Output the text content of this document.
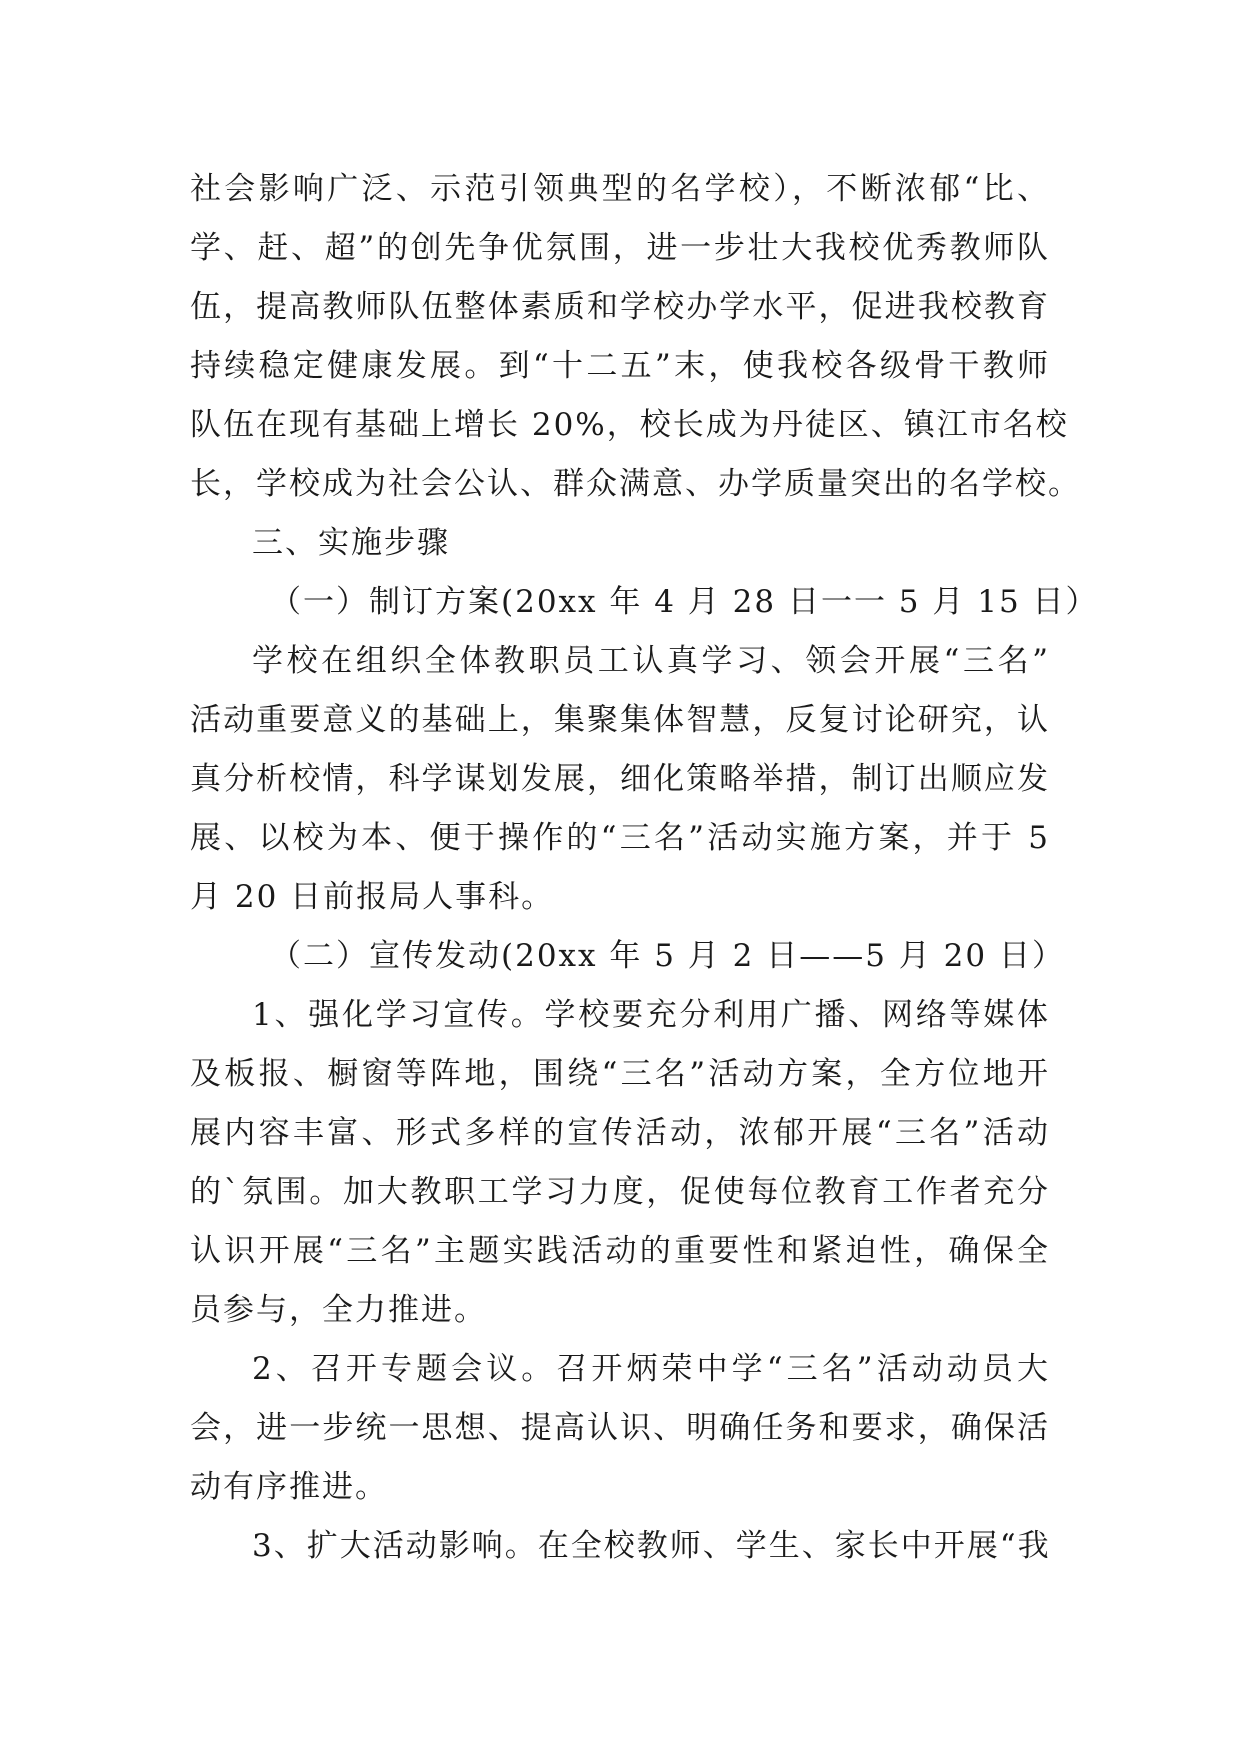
社会影响广泛、示范引领典型的名学校），不断浓郁“比、
学、赶、超”的创先争优氛围，进一步壮大我校优秀教师队
伍，提高教师队伍整体素质和学校办学水平，促进我校教育
持续稳定健康发展。到“十二五”末，使我校各级骨干教师
队伍在现有基础上增长 20%，校长成为丹徒区、镇江市名校
长，学校成为社会公认、群众满意、办学质量突出的名学校。
三、实施步骤
（一）制订方案(20xx 年 4 月 28 日一一 5 月 15 日）
学校在组织全体教职员工认真学习、领会开展“三名”
活动重要意义的基础上，集聚集体智慧，反复讨论研究，认
真分析校情，科学谋划发展，细化策略举措，制订出顺应发
展、以校为本、便于操作的“三名”活动实施方案，并于 5
月 20 日前报局人事科。
（二）宣传发动(20xx 年 5 月 2 日——5 月 20 日）
1、强化学习宣传。学校要充分利用广播、网络等媒体
及板报、橱窗等阵地，围绕“三名”活动方案，全方位地开
展内容丰富、形式多样的宣传活动，浓郁开展“三名”活动
的`氛围。加大教职工学习力度，促使每位教育工作者充分
认识开展“三名”主题实践活动的重要性和紧迫性，确保全
员参与，全力推进。
2、召开专题会议。召开炳荣中学“三名”活动动员大
会，进一步统一思想、提高认识、明确任务和要求，确保活
动有序推进。
3、扩大活动影响。在全校教师、学生、家长中开展“我
